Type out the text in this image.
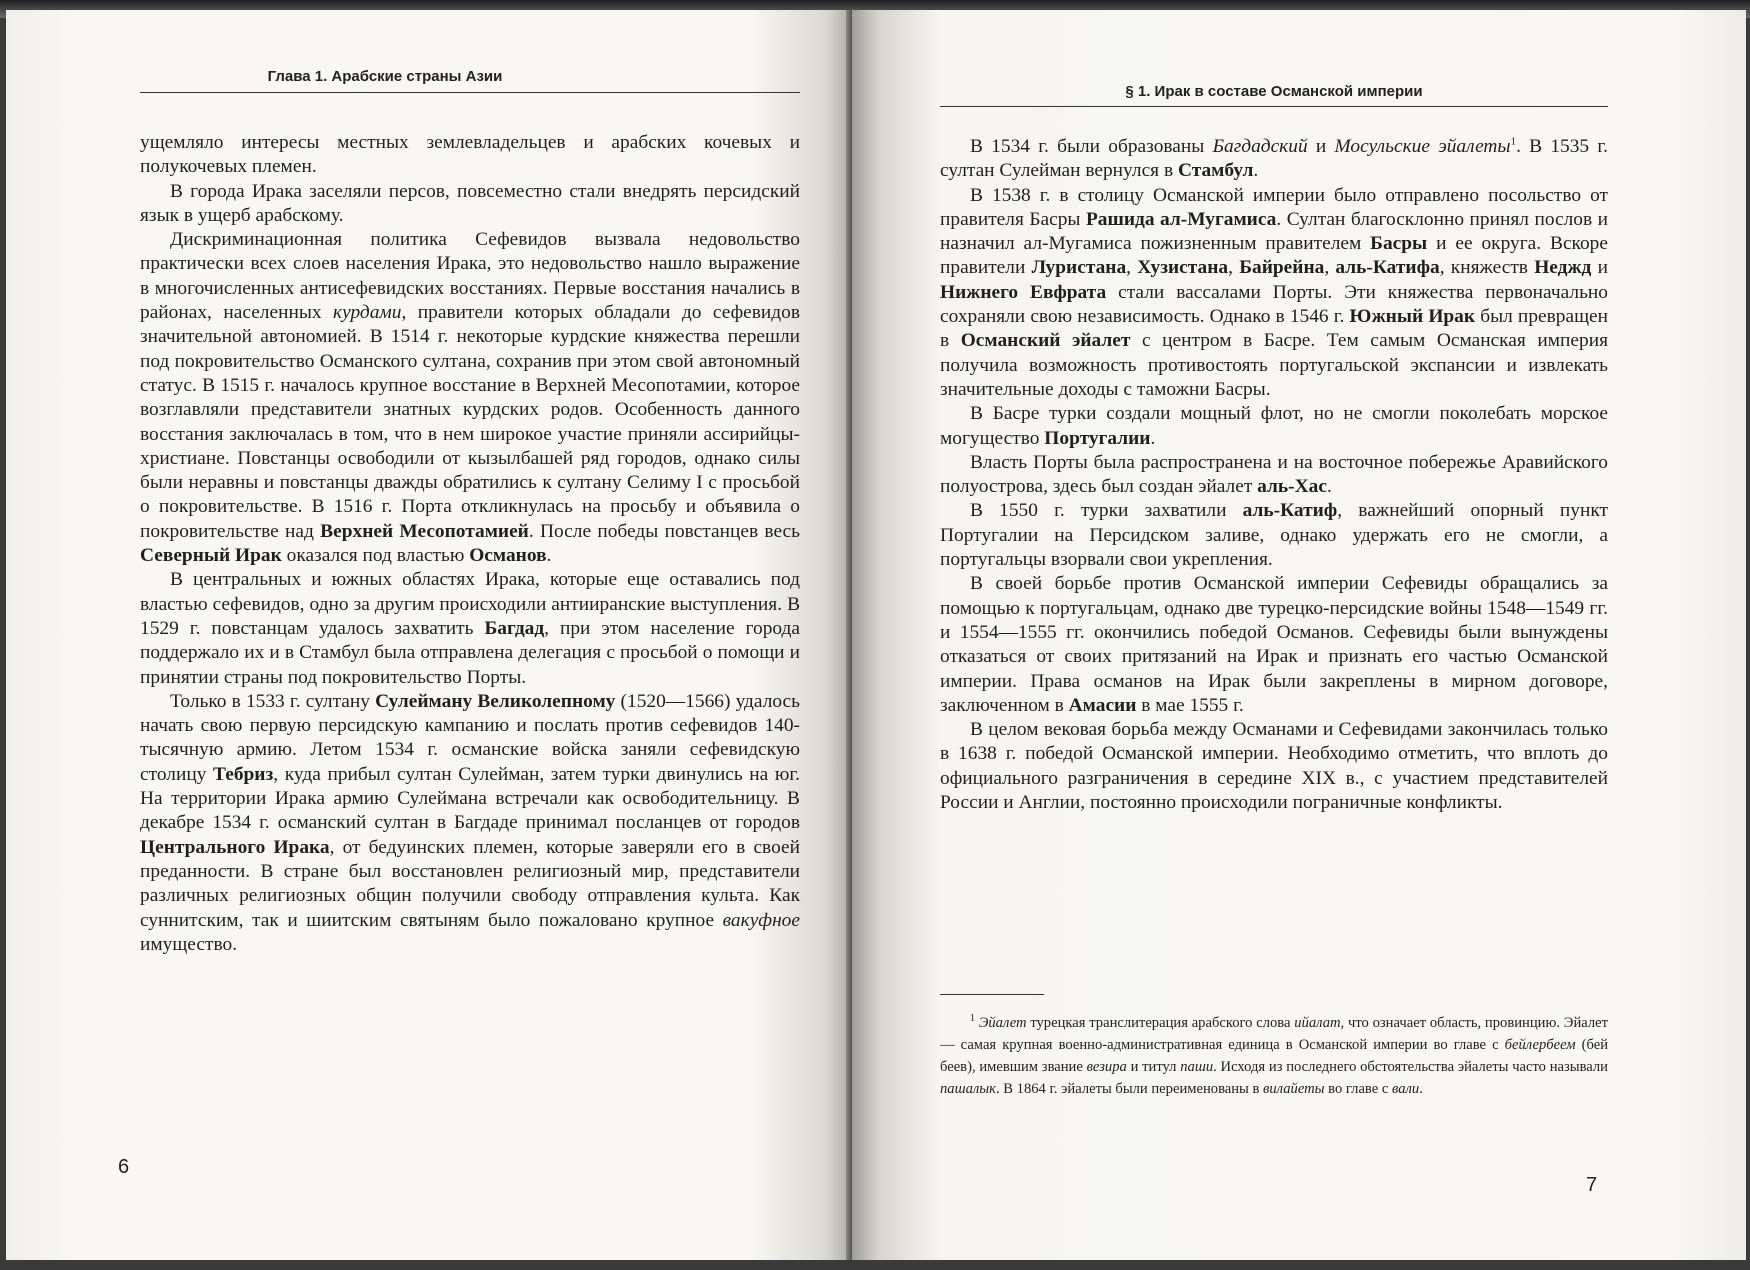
Глава 1. Арабские страны Азии

ущемляло интересы местных землевладельцев и арабских кочевых и полукочевых племен.

В города Ирака заселяли персов, повсеместно стали внедрять персидский язык в ущерб арабскому.

Дискриминационная политика Сефевидов вызвала недовольство практически всех слоев населения Ирака, это недовольство нашло выражение в многочисленных антисефевидских восстаниях. Первые восстания начались в районах, населенных курдами, правители которых обладали до сефевидов значительной автономией. В 1514 г. некоторые курдские княжества перешли под покровительство Османского султана, сохранив при этом свой автономный статус. В 1515 г. началось крупное восстание в Верхней Месопотамии, которое возглавляли представители знатных курдских родов. Особенность данного восстания заключалась в том, что в нем широкое участие приняли ассирийцы-христиане. Повстанцы освободили от кызылбашей ряд городов, однако силы были неравны и повстанцы дважды обратились к султану Селиму I с просьбой о покровительстве. В 1516 г. Порта откликнулась на просьбу и объявила о покровительстве над Верхней Месопотамией. После победы повстанцев весь Северный Ирак оказался под властью Османов.

В центральных и южных областях Ирака, которые еще оставались под властью сефевидов, одно за другим происходили антииранские выступления. В 1529 г. повстанцам удалось захватить Багдад, при этом население города поддержало их и в Стамбул была отправлена делегация с просьбой о помощи и принятии страны под покровительство Порты.

Только в 1533 г. султану Сулейману Великолепному (1520—1566) удалось начать свою первую персидскую кампанию и послать против сефевидов 140-тысячную армию. Летом 1534 г. османские войска заняли сефевидскую столицу Тебриз, куда прибыл султан Сулейман, затем турки двинулись на юг. На территории Ирака армию Сулеймана встречали как освободительницу. В декабре 1534 г. османский султан в Багдаде принимал посланцев от городов Центрального Ирака, от бедуинских племен, которые заверяли его в своей преданности. В стране был восстановлен религиозный мир, представители различных религиозных общин получили свободу отправления культа. Как суннитским, так и шиитским святыням было пожаловано крупное вакуфное имущество.

6
§ 1. Ирак в составе Османской империи

В 1534 г. были образованы Багдадский и Мосульские эйалеты$^1$. В 1535 г. султан Сулейман вернулся в Стамбул.

В 1538 г. в столицу Османской империи было отправлено посольство от правителя Басры Рашида ал-Мугамиса. Султан благосклонно принял послов и назначил ал-Мугамиса пожизненным правителем Басры и ее округа. Вскоре правители Луристана, Хузистана, Байрейна, аль-Катифа, княжеств Неджд и Нижнего Евфрата стали вассалами Порты. Эти княжества первоначально сохраняли свою независимость. Однако в 1546 г. Южный Ирак был превращен в Османский эйалет с центром в Басре. Тем самым Османская империя получила возможность противостоять португальской экспансии и извлекать значительные доходы с таможни Басры.

В Басре турки создали мощный флот, но не смогли поколебать морское могущество Португалии.

Власть Порты была распространена и на восточное побережье Аравийского полуострова, здесь был создан эйалет аль-Хас.

В 1550 г. турки захватили аль-Катиф, важнейший опорный пункт Португалии на Персидском заливе, однако удержать его не смогли, а португальцы взорвали свои укрепления.

В своей борьбе против Османской империи Сефевиды обращались за помощью к португальцам, однако две турецко-персидские войны 1548—1549 гг. и 1554—1555 гг. окончились победой Османов. Сефевиды были вынуждены отказаться от своих притязаний на Ирак и признать его частью Османской империи. Права османов на Ирак были закреплены в мирном договоре, заключенном в Амасии в мае 1555 г.

В целом вековая борьба между Османами и Сефевидами закончилась только в 1638 г. победой Османской империи. Необходимо отметить, что вплоть до официального разграничения в середине XIX в., с участием представителей России и Англии, постоянно происходили пограничные конфликты.

$^1$ Эйалет турецкая транслитерация арабского слова ийалат, что означает область, провинцию. Эйалет — самая крупная военно-административная единица в Османской империи во главе с бейлербеем (бей беев), имевшим звание везира и титул паши. Исходя из последнего обстоятельства эйалеты часто называли пашалык. В 1864 г. эйалеты были переименованы в вилайеты во главе с вали.
7
